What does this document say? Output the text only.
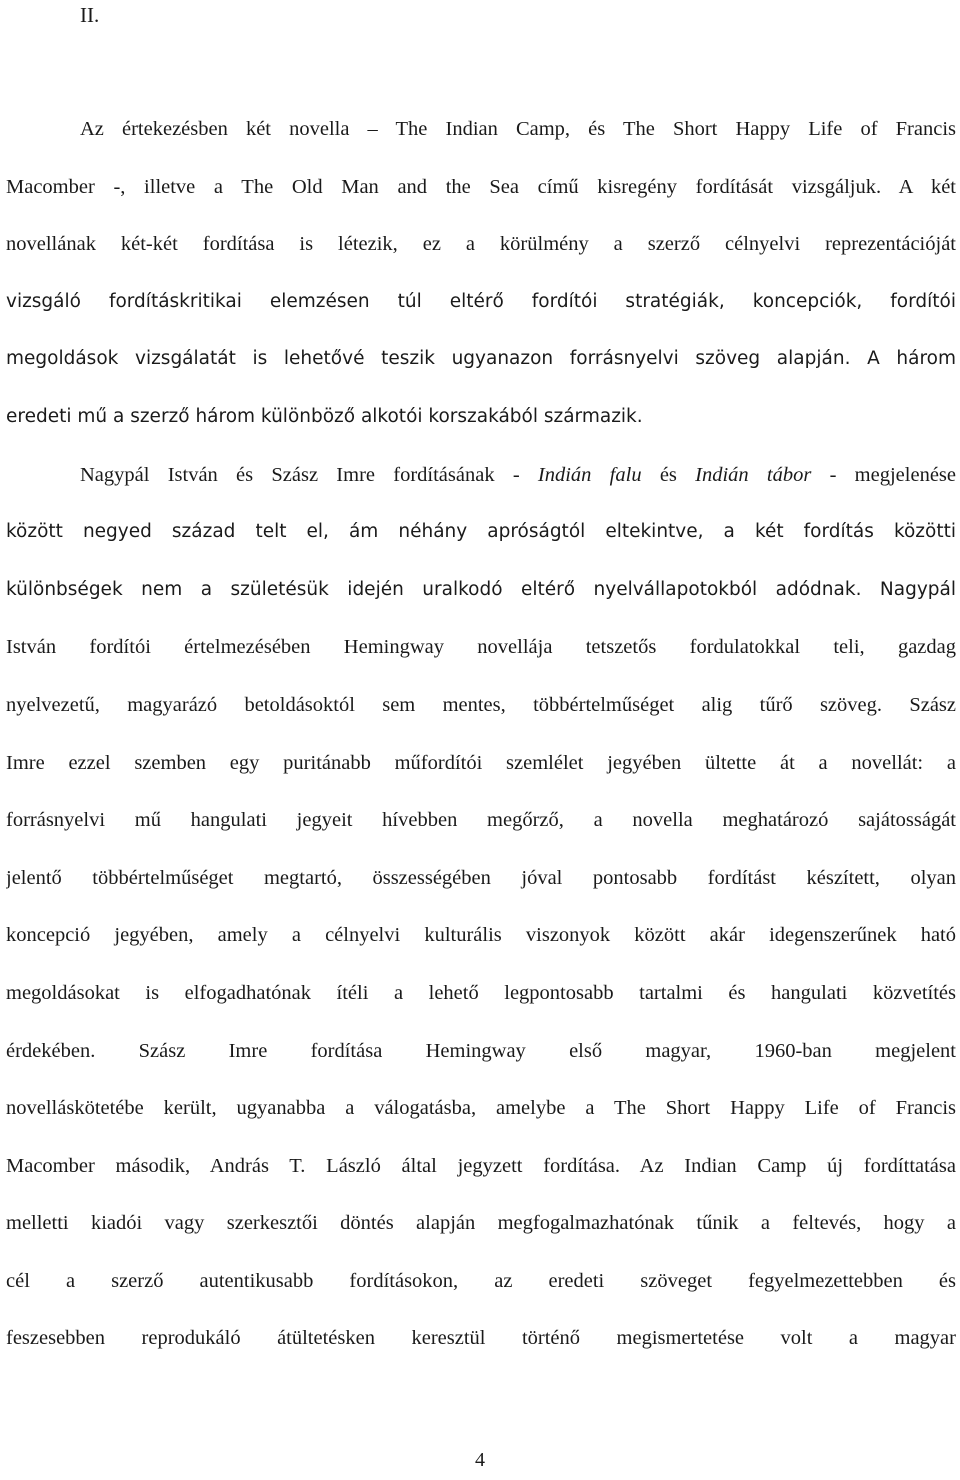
II.
Az értekezésben két novella – The Indian Camp, és The Short Happy Life of Francis
Macomber -, illetve a The Old Man and the Sea című kisregény fordítását vizsgáljuk. A két
novellának két-két fordítása is létezik, ez a körülmény a szerző célnyelvi reprezentációját
vizsgáló fordításkritikai elemzésen túl eltérő fordítói stratégiák, koncepciók, fordítói
megoldások vizsgálatát is lehetővé teszik ugyanazon forrásnyelvi szöveg alapján. A három
eredeti mű a szerző három különböző alkotói korszakából származik.
Nagypál István és Szász Imre fordításának - Indián falu és Indián tábor - megjelenése
között negyed század telt el, ám néhány apróságtól eltekintve, a két fordítás közötti
különbségek nem a születésük idején uralkodó eltérő nyelvállapotokból adódnak. Nagypál
István fordítói értelmezésében Hemingway novellája tetszetős fordulatokkal teli, gazdag
nyelvezetű, magyarázó betoldásoktól sem mentes, többértelműséget alig tűrő szöveg. Szász
Imre ezzel szemben egy puritánabb műfordítói szemlélet jegyében ültette át a novellát: a
forrásnyelvi mű hangulati jegyeit hívebben megőrző, a novella meghatározó sajátosságát
jelentő többértelműséget megtartó, összességében jóval pontosabb fordítást készített, olyan
koncepció jegyében, amely a célnyelvi kulturális viszonyok között akár idegenszerűnek ható
megoldásokat is elfogadhatónak ítéli a lehető legpontosabb tartalmi és hangulati közvetítés
érdekében. Szász Imre fordítása Hemingway első magyar, 1960-ban megjelent
novelláskötetébe került, ugyanabba a válogatásba, amelybe a The Short Happy Life of Francis
Macomber második, András T. László által jegyzett fordítása. Az Indian Camp új fordíttatása
melletti kiadói vagy szerkesztői döntés alapján megfogalmazhatónak tűnik a feltevés, hogy a
cél a szerző autentikusabb fordításokon, az eredeti szöveget fegyelmezettebben és
feszesebben reprodukáló átültetésken keresztül történő megismertetése volt a magyar
4
